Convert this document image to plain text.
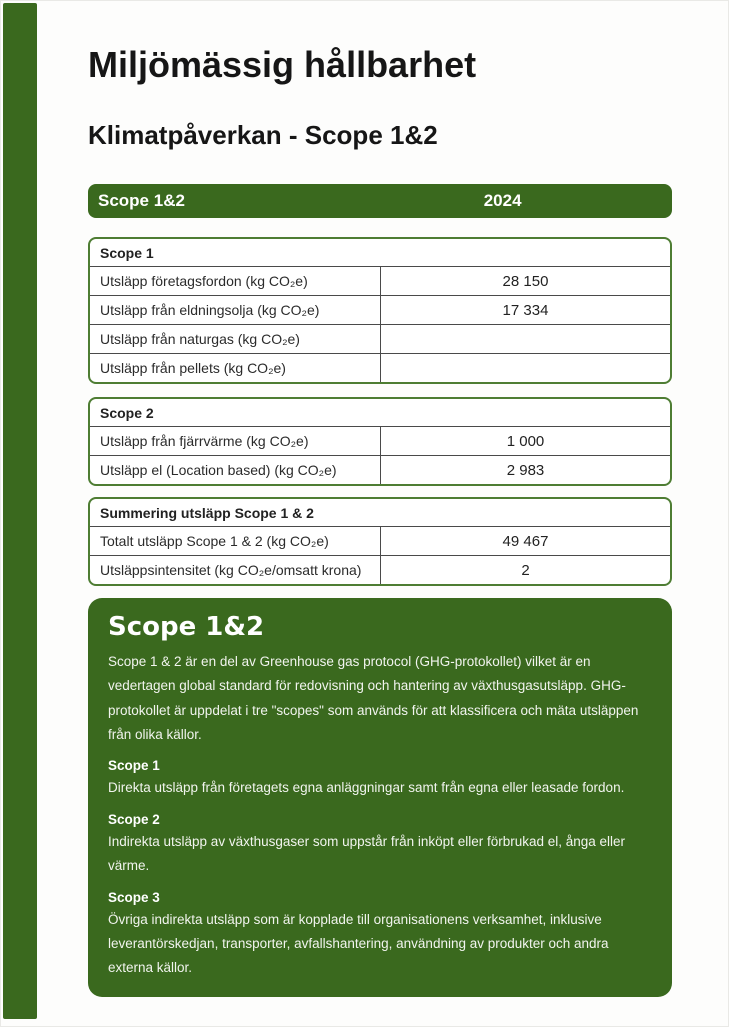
Miljömässig hållbarhet
Klimatpåverkan - Scope 1&2
Scope 1&2	2024
Scope 1
Utsläpp företagsfordon (kg CO₂e)	28 150
Utsläpp från eldningsolja (kg CO₂e)	17 334
Utsläpp från naturgas (kg CO₂e)
Utsläpp från pellets (kg CO₂e)
Scope 2
Utsläpp från fjärrvärme (kg CO₂e)	1 000
Utsläpp el (Location based) (kg CO₂e)	2 983
Summering utsläpp Scope 1 & 2
Totalt utsläpp Scope 1 & 2 (kg CO₂e)	49 467
Utsläppsintensitet (kg CO₂e/omsatt krona)	2
Scope 1&2

Scope 1 & 2 är en del av Greenhouse gas protocol (GHG-protokollet) vilket är en vedertagen global standard för redovisning och hantering av växthusgasutsläpp. GHG-protokollet är uppdelat i tre "scopes" som används för att klassificera och mäta utsläppen från olika källor.

Scope 1

Direkta utsläpp från företagets egna anläggningar samt från egna eller leasade fordon.

Scope 2

Indirekta utsläpp av växthusgaser som uppstår från inköpt eller förbrukad el, ånga eller värme.

Scope 3

Övriga indirekta utsläpp som är kopplade till organisationens verksamhet, inklusive leverantörskedjan, transporter, avfallshantering, användning av produkter och andra externa källor.
